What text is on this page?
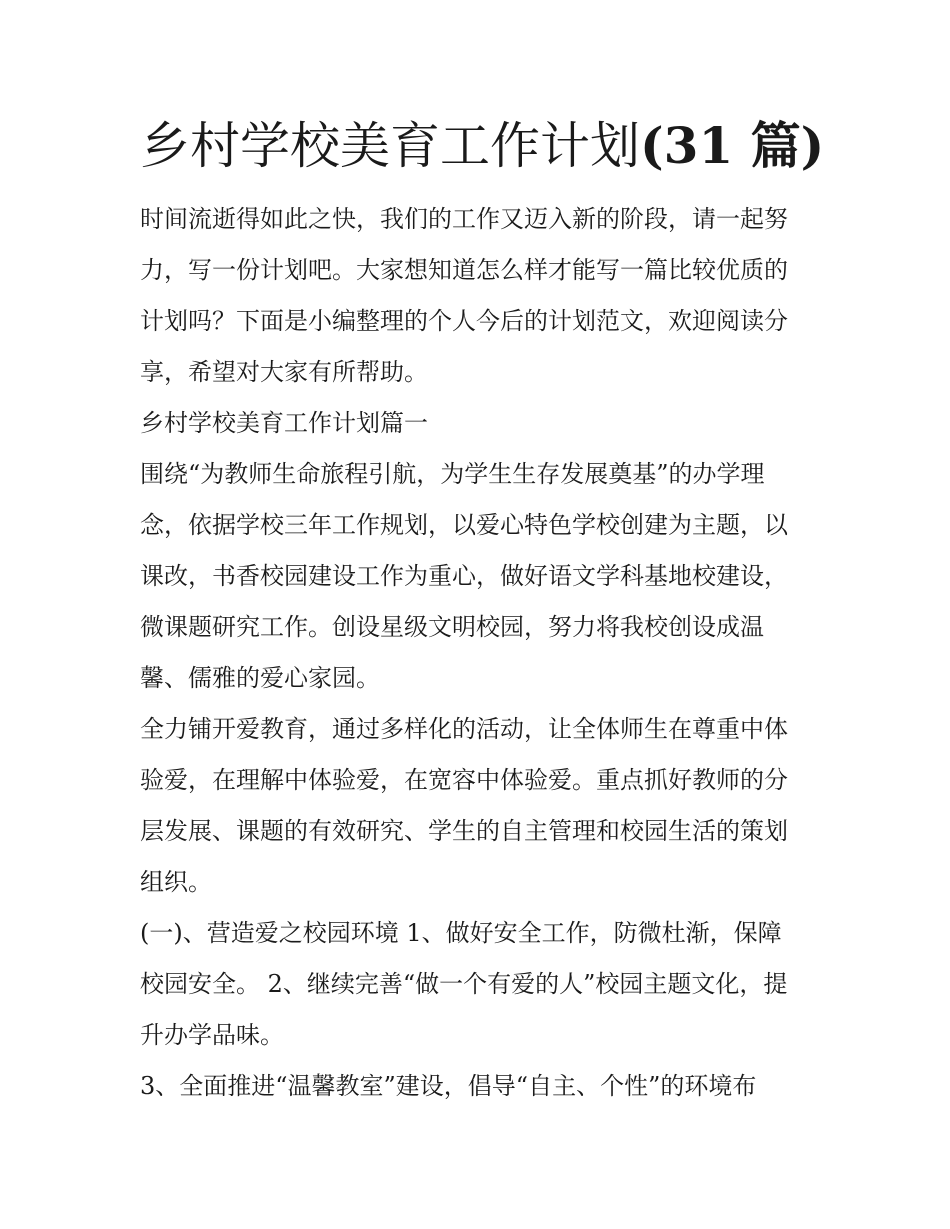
乡村学校美育工作计划(31 篇)

时间流逝得如此之快，我们的工作又迈入新的阶段，请一起努
力，写一份计划吧。大家想知道怎么样才能写一篇比较优质的
计划吗？下面是小编整理的个人今后的计划范文，欢迎阅读分
享，希望对大家有所帮助。

乡村学校美育工作计划篇一

围绕“为教师生命旅程引航，为学生生存发展奠基”的办学理
念，依据学校三年工作规划，以爱心特色学校创建为主题，以
课改，书香校园建设工作为重心，做好语文学科基地校建设，
微课题研究工作。创设星级文明校园，努力将我校创设成温
馨、儒雅的爱心家园。

全力铺开爱教育，通过多样化的活动，让全体师生在尊重中体
验爱，在理解中体验爱，在宽容中体验爱。重点抓好教师的分
层发展、课题的有效研究、学生的自主管理和校园生活的策划
组织。

(一)、营造爱之校园环境 1、做好安全工作，防微杜渐，保障
校园安全。 2、继续完善“做一个有爱的人”校园主题文化，提
升办学品味。

3、全面推进“温馨教室”建设，倡导“自主、个性”的环境布
